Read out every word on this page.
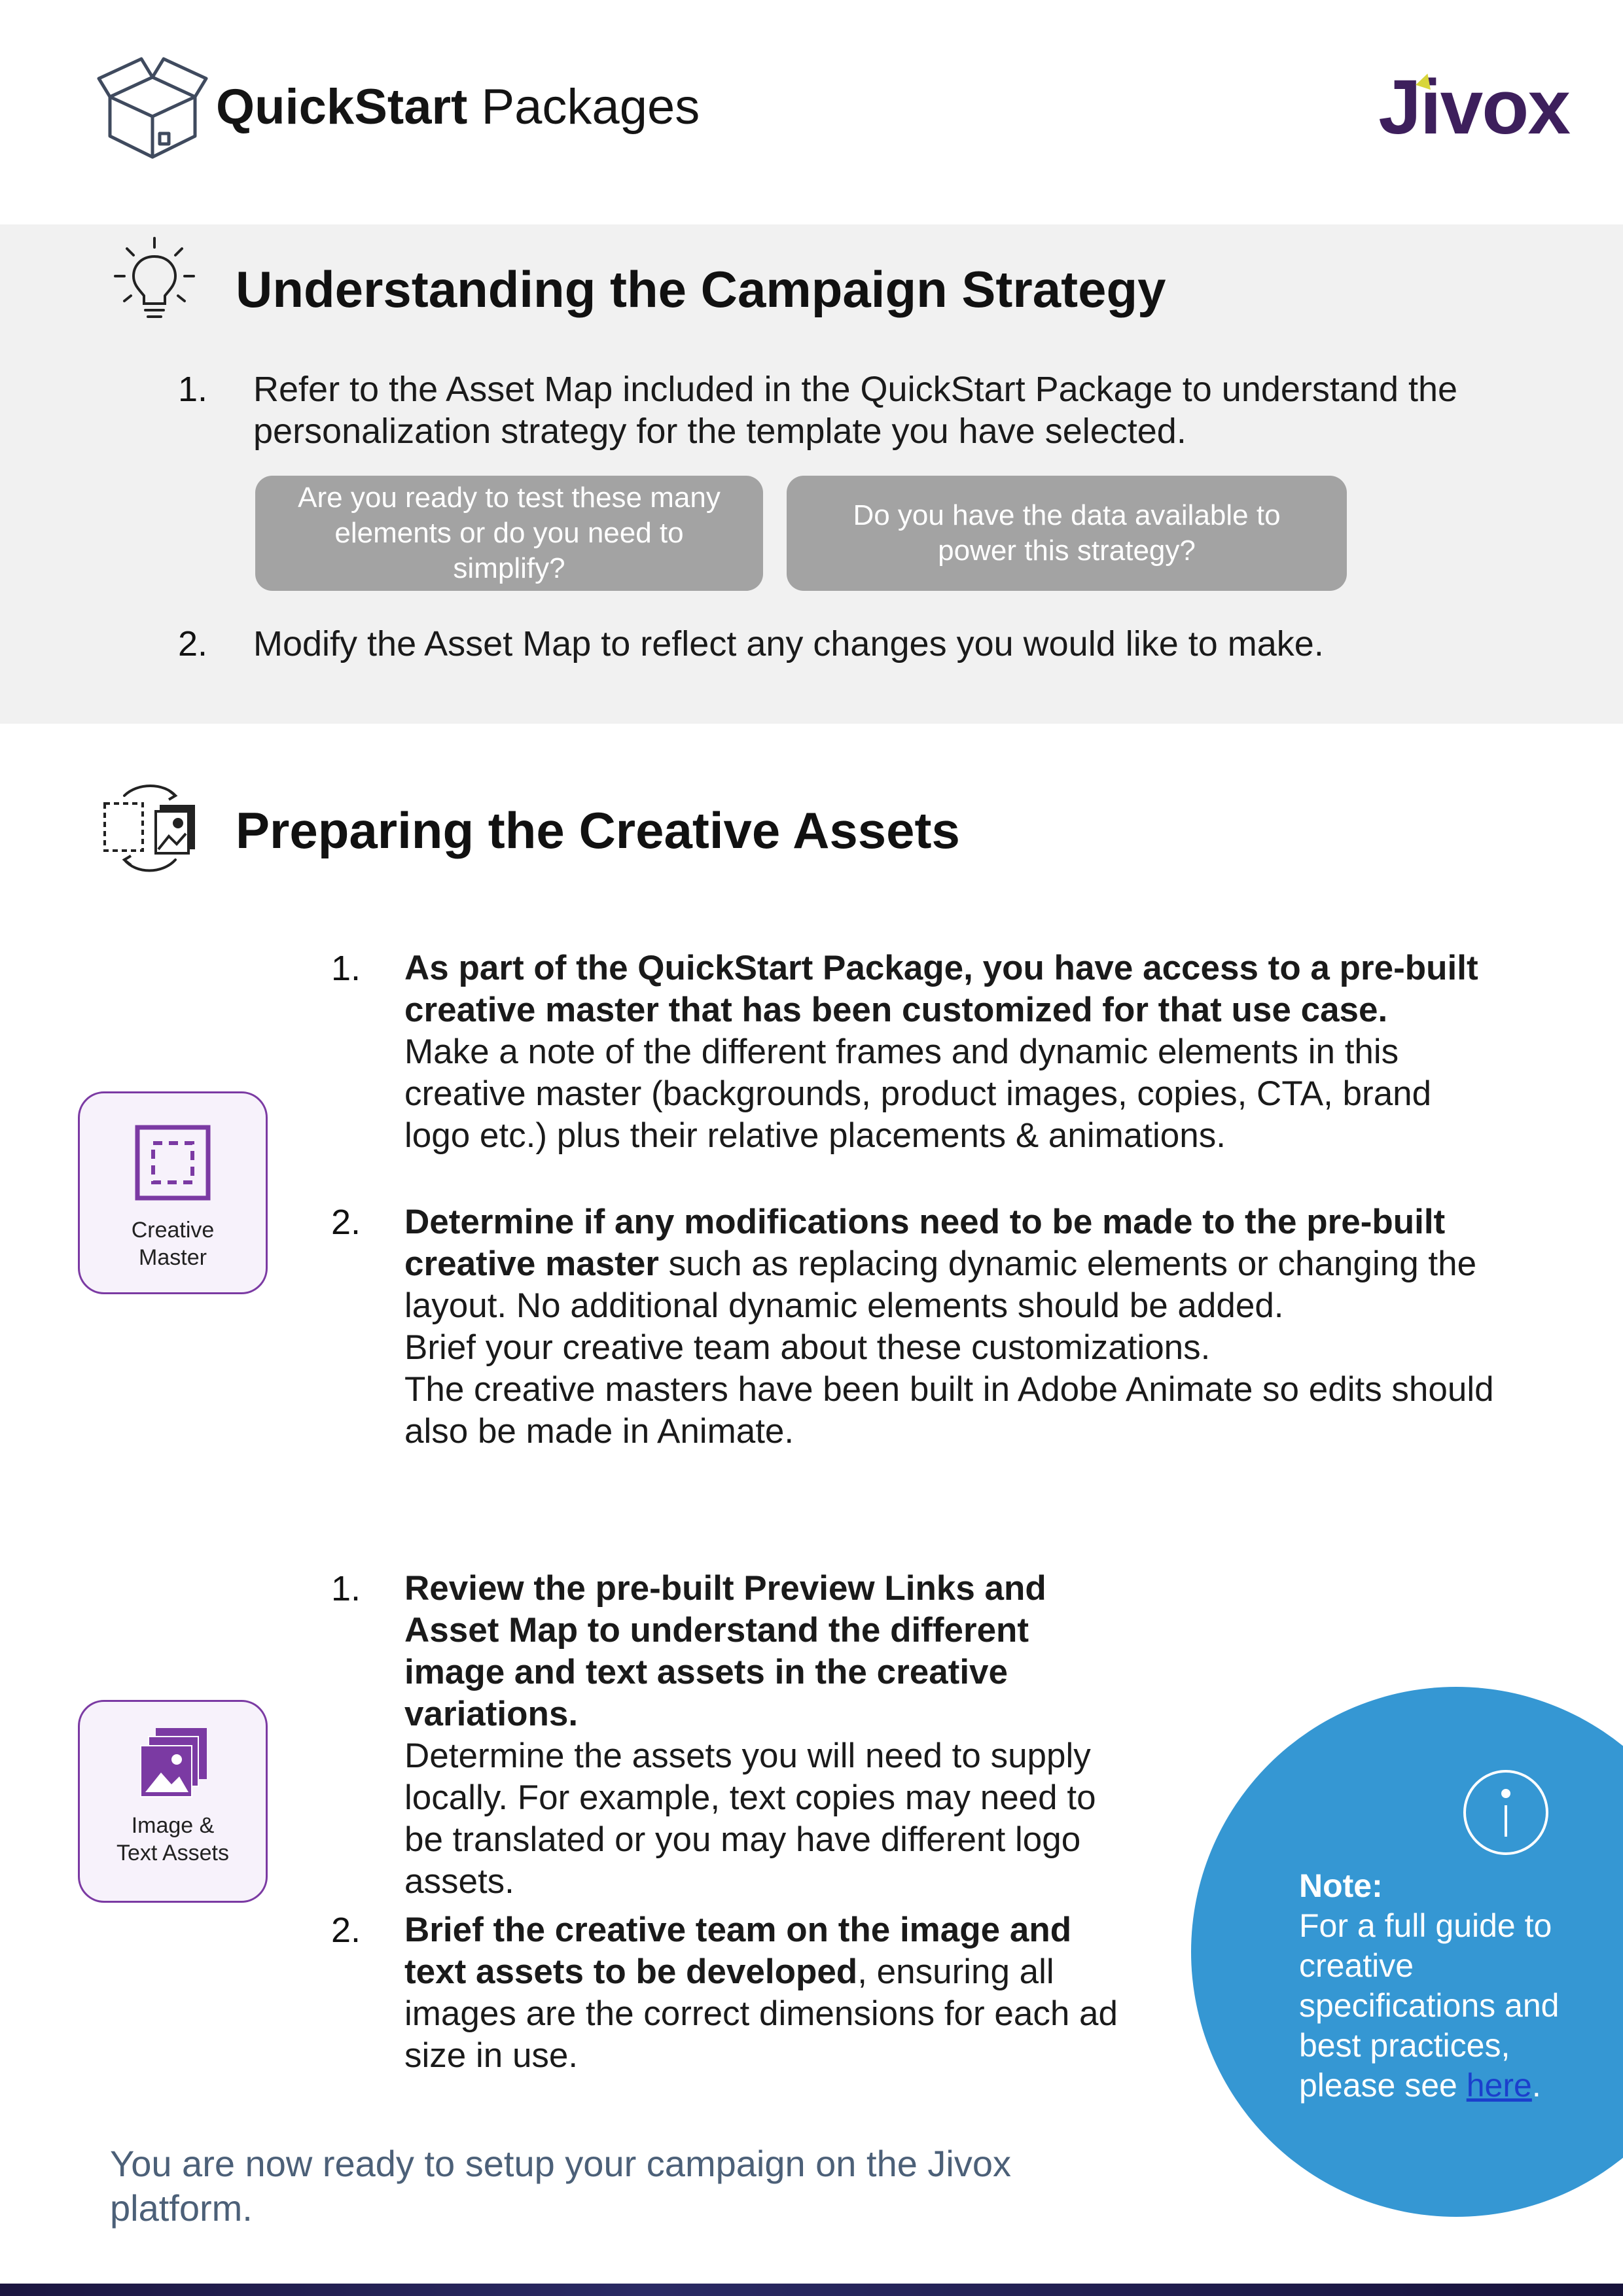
QuickStart Packages	Jivox
Understanding the Campaign Strategy
1. Refer to the Asset Map included in the QuickStart Package to understand the personalization strategy for the template you have selected.
Are you ready to test these many elements or do you need to simplify?
Do you have the data available to power this strategy?
2. Modify the Asset Map to reflect any changes you would like to make.
Preparing the Creative Assets
Creative Master
1.	As part of the QuickStart Package, you have access to a pre-built creative master that has been customized for that use case.
Make a note of the different frames and dynamic elements in this creative master (backgrounds, product images, copies, CTA, brand logo etc.) plus their relative placements & animations.
2.	Determine if any modifications need to be made to the pre-built creative master such as replacing dynamic elements or changing the layout. No additional dynamic elements should be added.
Brief your creative team about these customizations.
The creative masters have been built in Adobe Animate so edits should also be made in Animate.
Image &
Text Assets
1.	Review the pre-built Preview Links and Asset Map to understand the different image and text assets in the creative variations.
Determine the assets you will need to supply locally. For example, text copies may need to be translated or you may have different logo assets.
2.	Brief the creative team on the image and text assets to be developed, ensuring all images are the correct dimensions for each ad size in use.
Note:
For a full guide to creative specifications and best practices, please see here.
You are now ready to setup your campaign on the Jivox platform.
